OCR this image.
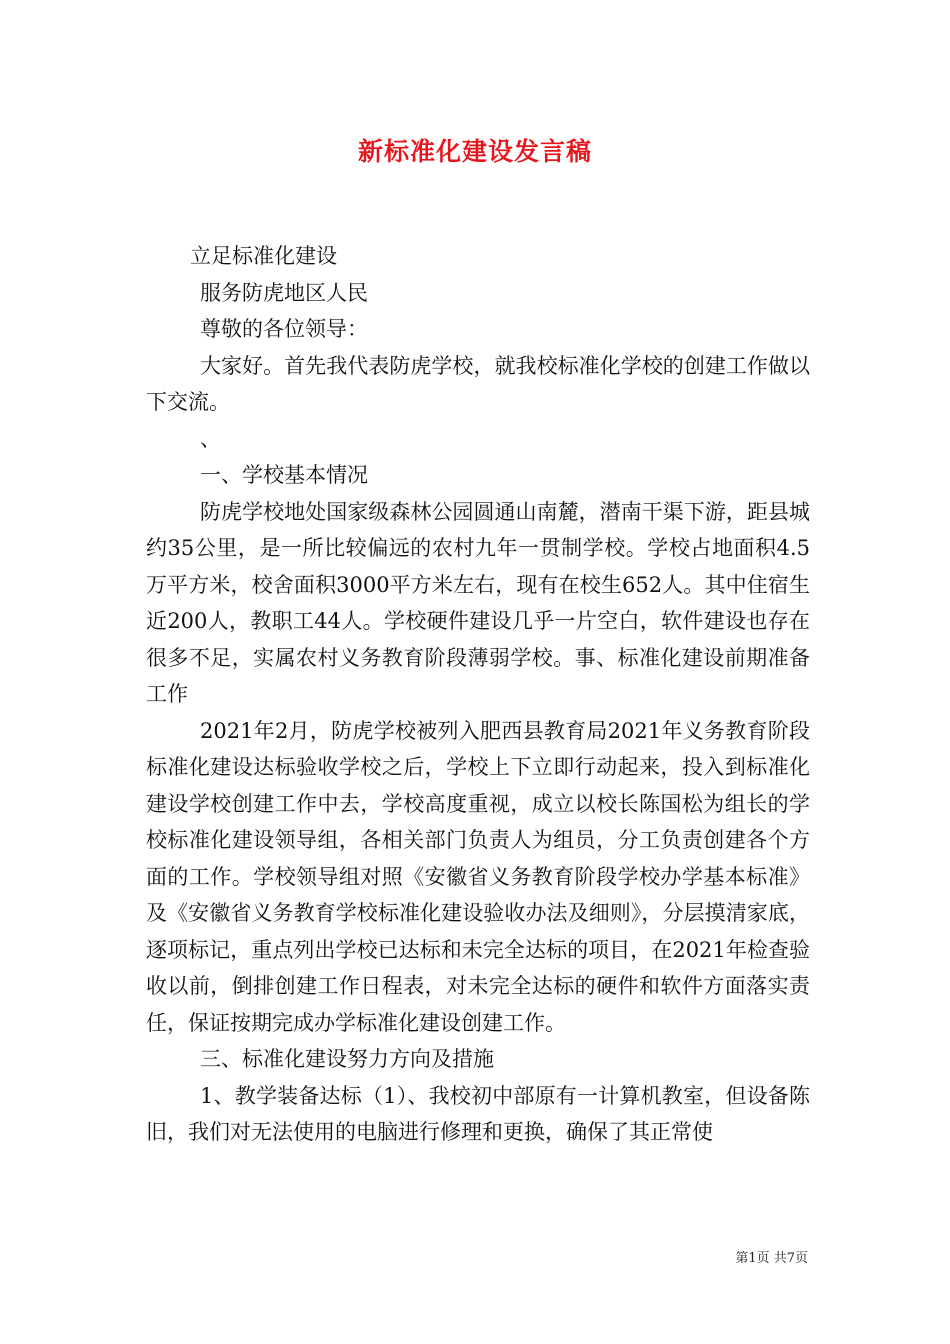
新标准化建设发言稿

立足标准化建设

服务防虎地区人民

尊敬的各位领导：

大家好。首先我代表防虎学校，就我校标准化学校的创建工作做以下交流。

、

一、学校基本情况

防虎学校地处国家级森林公园圆通山南麓，潜南干渠下游，距县城约35公里，是一所比较偏远的农村九年一贯制学校。学校占地面积4.5万平方米，校舍面积3000平方米左右，现有在校生652人。其中住宿生近200人，教职工44人。学校硬件建设几乎一片空白，软件建设也存在很多不足，实属农村义务教育阶段薄弱学校。事、标准化建设前期准备工作

2021年2月，防虎学校被列入肥西县教育局2021年义务教育阶段标准化建设达标验收学校之后，学校上下立即行动起来，投入到标准化建设学校创建工作中去，学校高度重视，成立以校长陈国松为组长的学校标准化建设领导组，各相关部门负责人为组员，分工负责创建各个方面的工作。学校领导组对照《安徽省义务教育阶段学校办学基本标准》及《安徽省义务教育学校标准化建设验收办法及细则》，分层摸清家底，逐项标记，重点列出学校已达标和未完全达标的项目，在2021年检查验收以前，倒排创建工作日程表，对未完全达标的硬件和软件方面落实责任，保证按期完成办学标准化建设创建工作。

三、标准化建设努力方向及措施

1、教学装备达标（1）、我校初中部原有一计算机教室，但设备陈旧，我们对无法使用的电脑进行修理和更换，确保了其正常使

第1页 共7页
